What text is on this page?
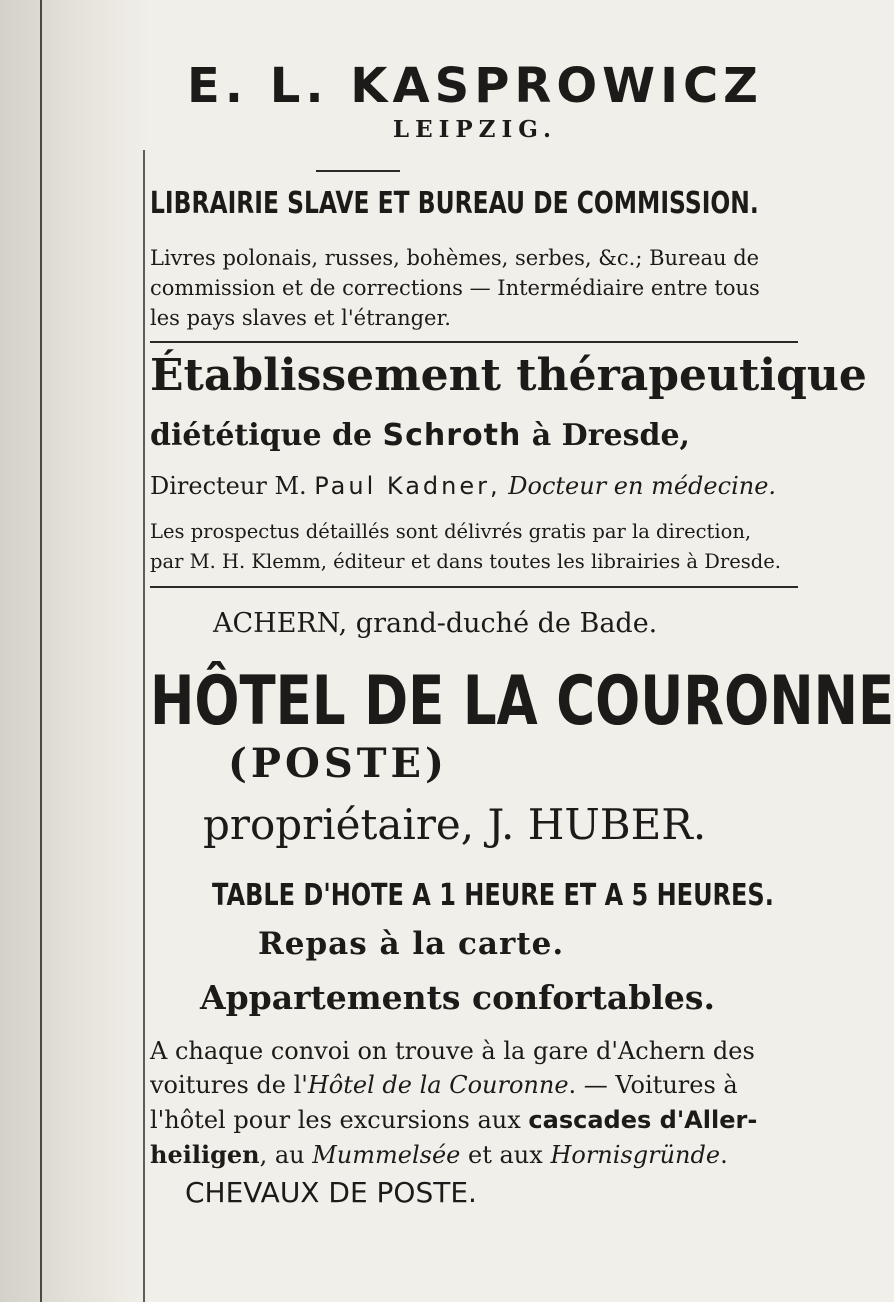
E. L. KASPROWICZ
LEIPZIG.
LIBRAIRIE SLAVE ET BUREAU DE COMMISSION.
Livres polonais, russes, bohèmes, serbes, &c.; Bureau de
commission et de corrections — Intermédiaire entre tous
les pays slaves et l'étranger.
Établissement thérapeutique
diététique de Schroth à Dresde,
Directeur M. Paul Kadner, Docteur en médecine.
Les prospectus détaillés sont délivrés gratis par la direction,
par M. H. Klemm, éditeur et dans toutes les librairies à Dresde.
ACHERN, grand-duché de Bade.
HÔTEL DE LA COURONNE
(POSTE)
propriétaire, J. HUBER.
TABLE D'HOTE A 1 HEURE ET A 5 HEURES.
Repas à la carte.
Appartements confortables.
A chaque convoi on trouve à la gare d'Achern des
voitures de l'Hôtel de la Couronne. — Voitures à
l'hôtel pour les excursions aux cascades d'Aller-
heiligen, au Mummelsée et aux Hornisgründe.
CHEVAUX DE POSTE.
